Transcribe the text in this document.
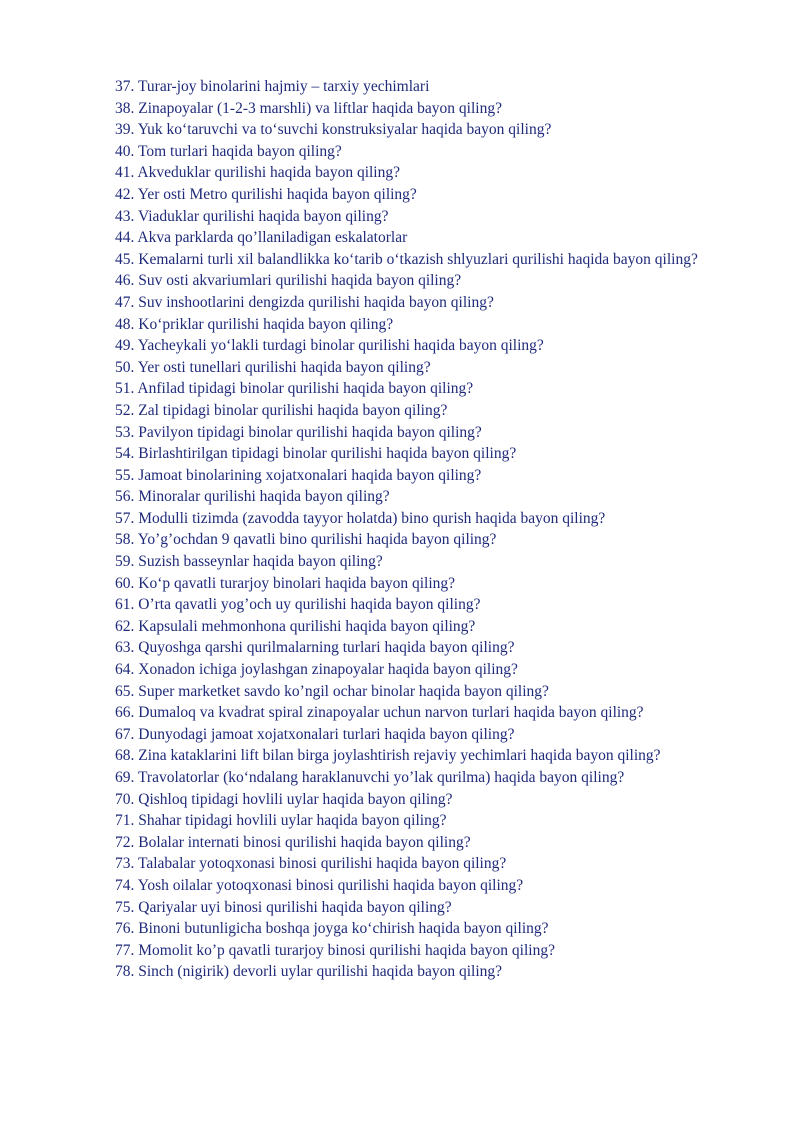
37. Turar-joy binolarini hajmiy – tarxiy yechimlari
38. Zinapoyalar (1-2-3 marshli) va liftlar haqida bayon qiling?
39. Yuk ko‘taruvchi va to‘suvchi konstruksiyalar haqida bayon qiling?
40. Tom turlari haqida bayon qiling?
41. Akveduklar qurilishi haqida bayon qiling?
42. Yer osti Metro qurilishi haqida bayon qiling?
43. Viaduklar qurilishi haqida bayon qiling?
44. Akva parklarda qo’llaniladigan eskalatorlar
45. Kemalarni turli xil balandlikka ko‘tarib o‘tkazish shlyuzlari qurilishi haqida bayon qiling?
46. Suv osti akvariumlari qurilishi haqida bayon qiling?
47. Suv inshootlarini dengizda qurilishi haqida bayon qiling?
48. Ko‘priklar qurilishi haqida bayon qiling?
49. Yacheykali yo‘lakli turdagi binolar qurilishi haqida bayon qiling?
50. Yer osti tunellari qurilishi haqida bayon qiling?
51. Anfilad tipidagi binolar qurilishi haqida bayon qiling?
52. Zal tipidagi binolar qurilishi haqida bayon qiling?
53. Pavilyon tipidagi binolar qurilishi haqida bayon qiling?
54. Birlashtirilgan tipidagi binolar qurilishi haqida bayon qiling?
55. Jamoat binolarining xojatxonalari haqida bayon qiling?
56. Minoralar qurilishi haqida bayon qiling?
57. Modulli tizimda (zavodda tayyor holatda) bino qurish haqida bayon qiling?
58. Yo’g’ochdan 9 qavatli bino qurilishi haqida bayon qiling?
59. Suzish basseynlar haqida bayon qiling?
60. Ko‘p qavatli turarjoy binolari haqida bayon qiling?
61. O’rta qavatli yog’och uy qurilishi haqida bayon qiling?
62. Kapsulali mehmonhona qurilishi haqida bayon qiling?
63. Quyoshga qarshi qurilmalarning turlari haqida bayon qiling?
64. Xonadon ichiga joylashgan zinapoyalar haqida bayon qiling?
65. Super marketket savdo ko’ngil ochar binolar haqida bayon qiling?
66. Dumaloq va kvadrat spiral zinapoyalar uchun narvon turlari haqida bayon qiling?
67. Dunyodagi jamoat xojatxonalari turlari haqida bayon qiling?
68. Zina kataklarini lift bilan birga joylashtirish rejaviy yechimlari haqida bayon qiling?
69. Travolatorlar (ko‘ndalang haraklanuvchi yo’lak qurilma) haqida bayon qiling?
70. Qishloq tipidagi hovlili uylar haqida bayon qiling?
71. Shahar tipidagi hovlili uylar haqida bayon qiling?
72. Bolalar internati binosi qurilishi haqida bayon qiling?
73. Talabalar yotoqxonasi binosi qurilishi haqida bayon qiling?
74. Yosh oilalar yotoqxonasi binosi qurilishi haqida bayon qiling?
75. Qariyalar uyi binosi qurilishi haqida bayon qiling?
76. Binoni butunligicha boshqa joyga ko‘chirish haqida bayon qiling?
77. Momolit ko’p qavatli turarjoy binosi qurilishi haqida bayon qiling?
78. Sinch (nigirik) devorli uylar qurilishi haqida bayon qiling?
